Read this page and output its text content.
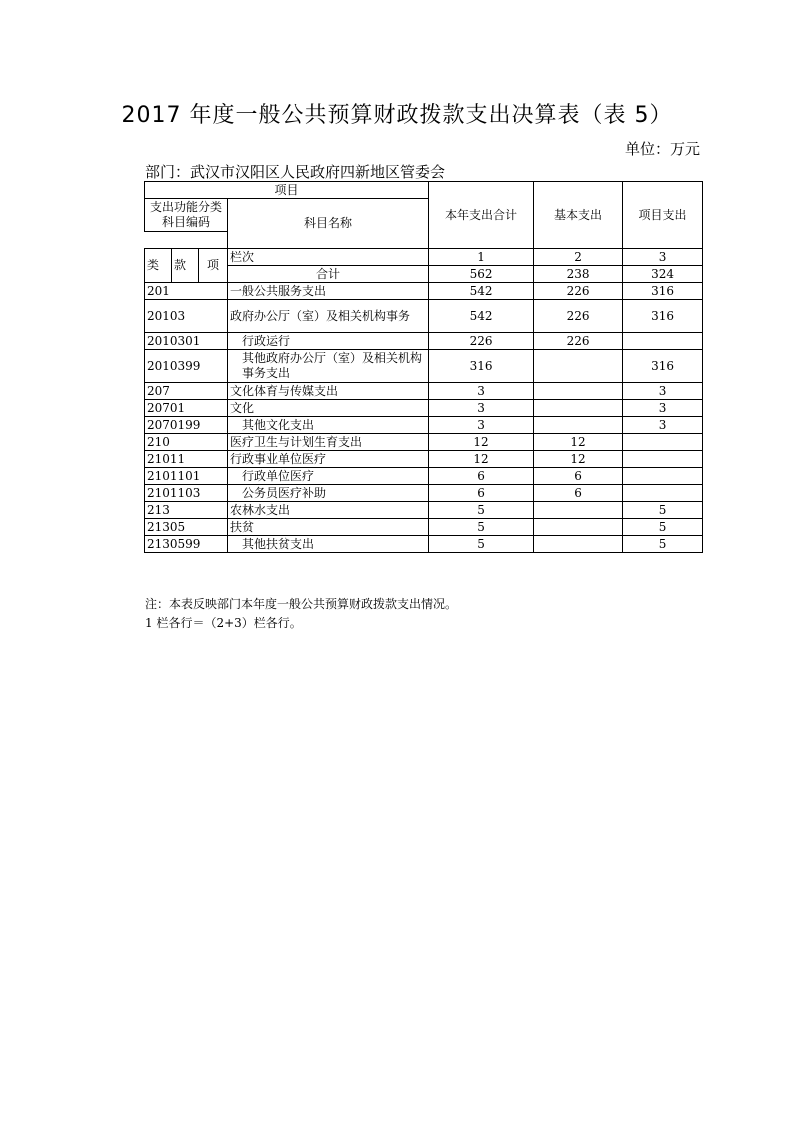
2017 年度一般公共预算财政拨款支出决算表（表 5）
单位：万元
部门：武汉市汉阳区人民政府四新地区管委会
项目				本年支出合计	基本支出	项目支出
支出功能分类科目编码			科目名称			

类	款	项	栏次	1	2	3
			合计	562	238	324
201			一般公共服务支出	542	226	316
20103			政府办公厅（室）及相关机构事务	542	226	316
2010301			行政运行	226	226	
2010399			其他政府办公厅（室）及相关机构事务支出	316		316
207			文化体育与传媒支出	3		3
20701			文化	3		3
2070199			其他文化支出	3		3
210			医疗卫生与计划生育支出	12	12	
21011			行政事业单位医疗	12	12	
2101101			行政单位医疗	6	6	
2101103			公务员医疗补助	6	6	
213			农林水支出	5		5
21305			扶贫	5		5
2130599			其他扶贫支出	5		5
注：本表反映部门本年度一般公共预算财政拨款支出情况。
1 栏各行＝（2+3）栏各行。
